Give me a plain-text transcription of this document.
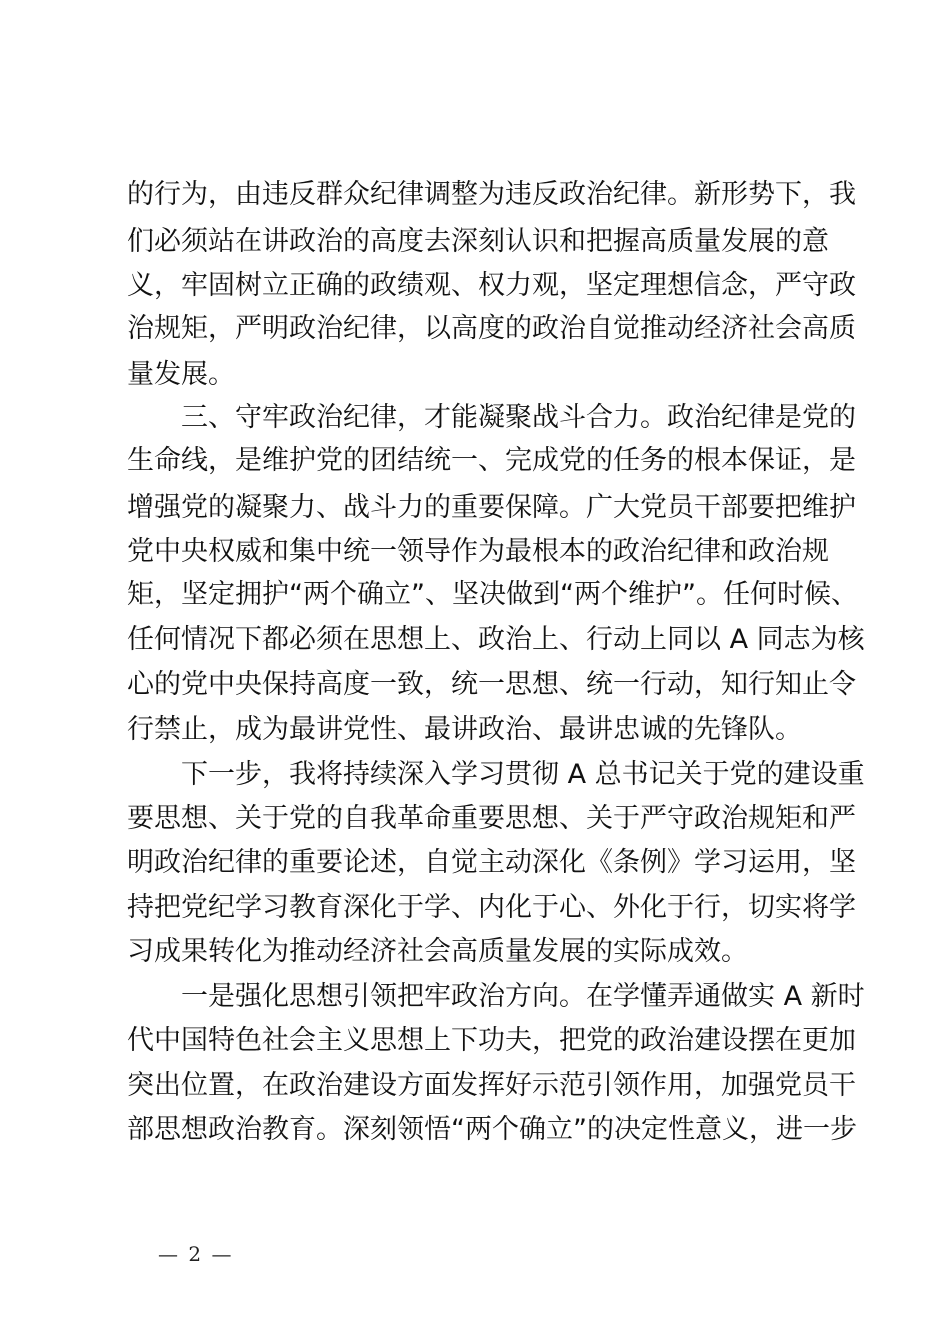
的行为，由违反群众纪律调整为违反政治纪律。新形势下，我
们必须站在讲政治的高度去深刻认识和把握高质量发展的意
义，牢固树立正确的政绩观、权力观，坚定理想信念，严守政
治规矩，严明政治纪律，以高度的政治自觉推动经济社会高质
量发展。
三、守牢政治纪律，才能凝聚战斗合力。政治纪律是党的
生命线，是维护党的团结统一、完成党的任务的根本保证，是
增强党的凝聚力、战斗力的重要保障。广大党员干部要把维护
党中央权威和集中统一领导作为最根本的政治纪律和政治规
矩，坚定拥护“两个确立”、坚决做到“两个维护”。任何时候、
任何情况下都必须在思想上、政治上、行动上同以 A 同志为核
心的党中央保持高度一致，统一思想、统一行动，知行知止令
行禁止，成为最讲党性、最讲政治、最讲忠诚的先锋队。
下一步，我将持续深入学习贯彻 A 总书记关于党的建设重
要思想、关于党的自我革命重要思想、关于严守政治规矩和严
明政治纪律的重要论述，自觉主动深化《条例》学习运用，坚
持把党纪学习教育深化于学、内化于心、外化于行，切实将学
习成果转化为推动经济社会高质量发展的实际成效。
一是强化思想引领把牢政治方向。在学懂弄通做实 A 新时
代中国特色社会主义思想上下功夫，把党的政治建设摆在更加
突出位置，在政治建设方面发挥好示范引领作用，加强党员干
部思想政治教育。深刻领悟“两个确立”的决定性意义，进一步
— 2 —
